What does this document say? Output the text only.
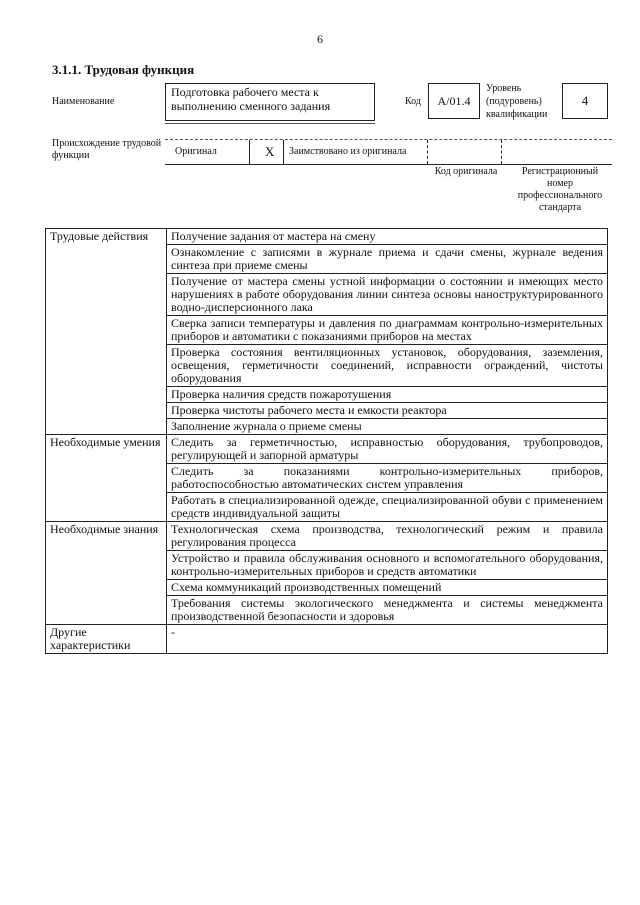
6
3.1.1. Трудовая функция
Наименование
Подготовка рабочего места к выполнению сменного задания	Код	А/01.4
Уровень (подуровень) квалификации
4
Происхождение трудовой функции	Оригинал	X Заимствовано из оригинала
Код оригинала	Регистрационный номер профессионального стандарта
Трудовые действия	Получение задания от мастера на смену
	Ознакомление с записями в журнале приема и сдачи смены, журнале ведения синтеза при приеме смены
	Получение от мастера смены устной информации о состоянии и имеющих место нарушениях в работе оборудования линии синтеза основы наноструктурированного водно-дисперсионного лака
	Сверка записи температуры и давления по диаграммам контрольно-измерительных приборов и автоматики с показаниями приборов на местах
	Проверка состояния вентиляционных установок, оборудования, заземления, освещения, герметичности соединений, исправности ограждений, чистоты оборудования
	Проверка наличия средств пожаротушения
	Проверка чистоты рабочего места и емкости реактора
	Заполнение журнала о приеме смены
Необходимые умения	Следить за герметичностью, исправностью оборудования, трубопроводов, регулирующей и запорной арматуры
	Следить за показаниями контрольно-измерительных приборов, работоспособностью автоматических систем управления
	Работать в специализированной одежде, специализированной обуви с применением средств индивидуальной защиты
Необходимые знания	Технологическая схема производства, технологический режим и правила регулирования процесса
	Устройство и правила обслуживания основного и вспомогательного оборудования, контрольно-измерительных приборов и средств автоматики
	Схема коммуникаций производственных помещений
	Требования системы экологического менеджмента и системы менеджмента производственной безопасности и здоровья
Другие характеристики	-
